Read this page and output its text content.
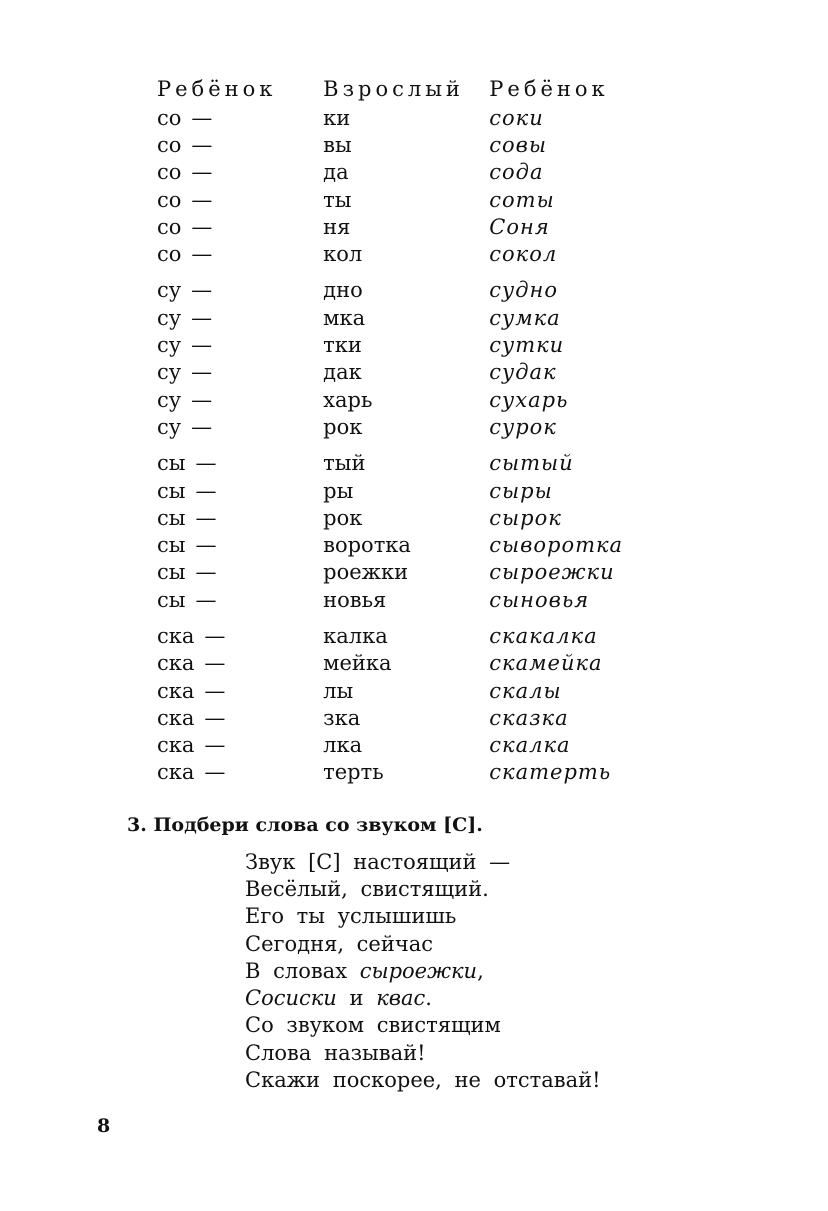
Ребёнок	Взрослый	Ребёнок
со —	ки	соки
со —	вы	совы
со —	да	сода
со —	ты	соты
со —	ня	Соня
со —	кол	сокол
су —	дно	судно
су —	мка	сумка
су —	тки	сутки
су —	дак	судак
су —	харь	сухарь
су —	рок	сурок
сы —	тый	сытый
сы —	ры	сыры
сы —	рок	сырок
сы —	воротка	сыворотка
сы —	роежки	сыроежки
сы —	новья	сыновья
ска —	калка	скакалка
ска —	мейка	скамейка
ска —	лы	скалы
ска —	зка	сказка
ска —	лка	скалка
ска —	терть	скатерть
3. Подбери слова со звуком [С].
Звук [С] настоящий —
Весёлый, свистящий.
Его ты услышишь
Сегодня, сейчас
В словах
сыроежки ,
Сосиски
и
квас .
Со звуком свистящим
Слова называй!
Скажи поскорее, не отставай!
8
